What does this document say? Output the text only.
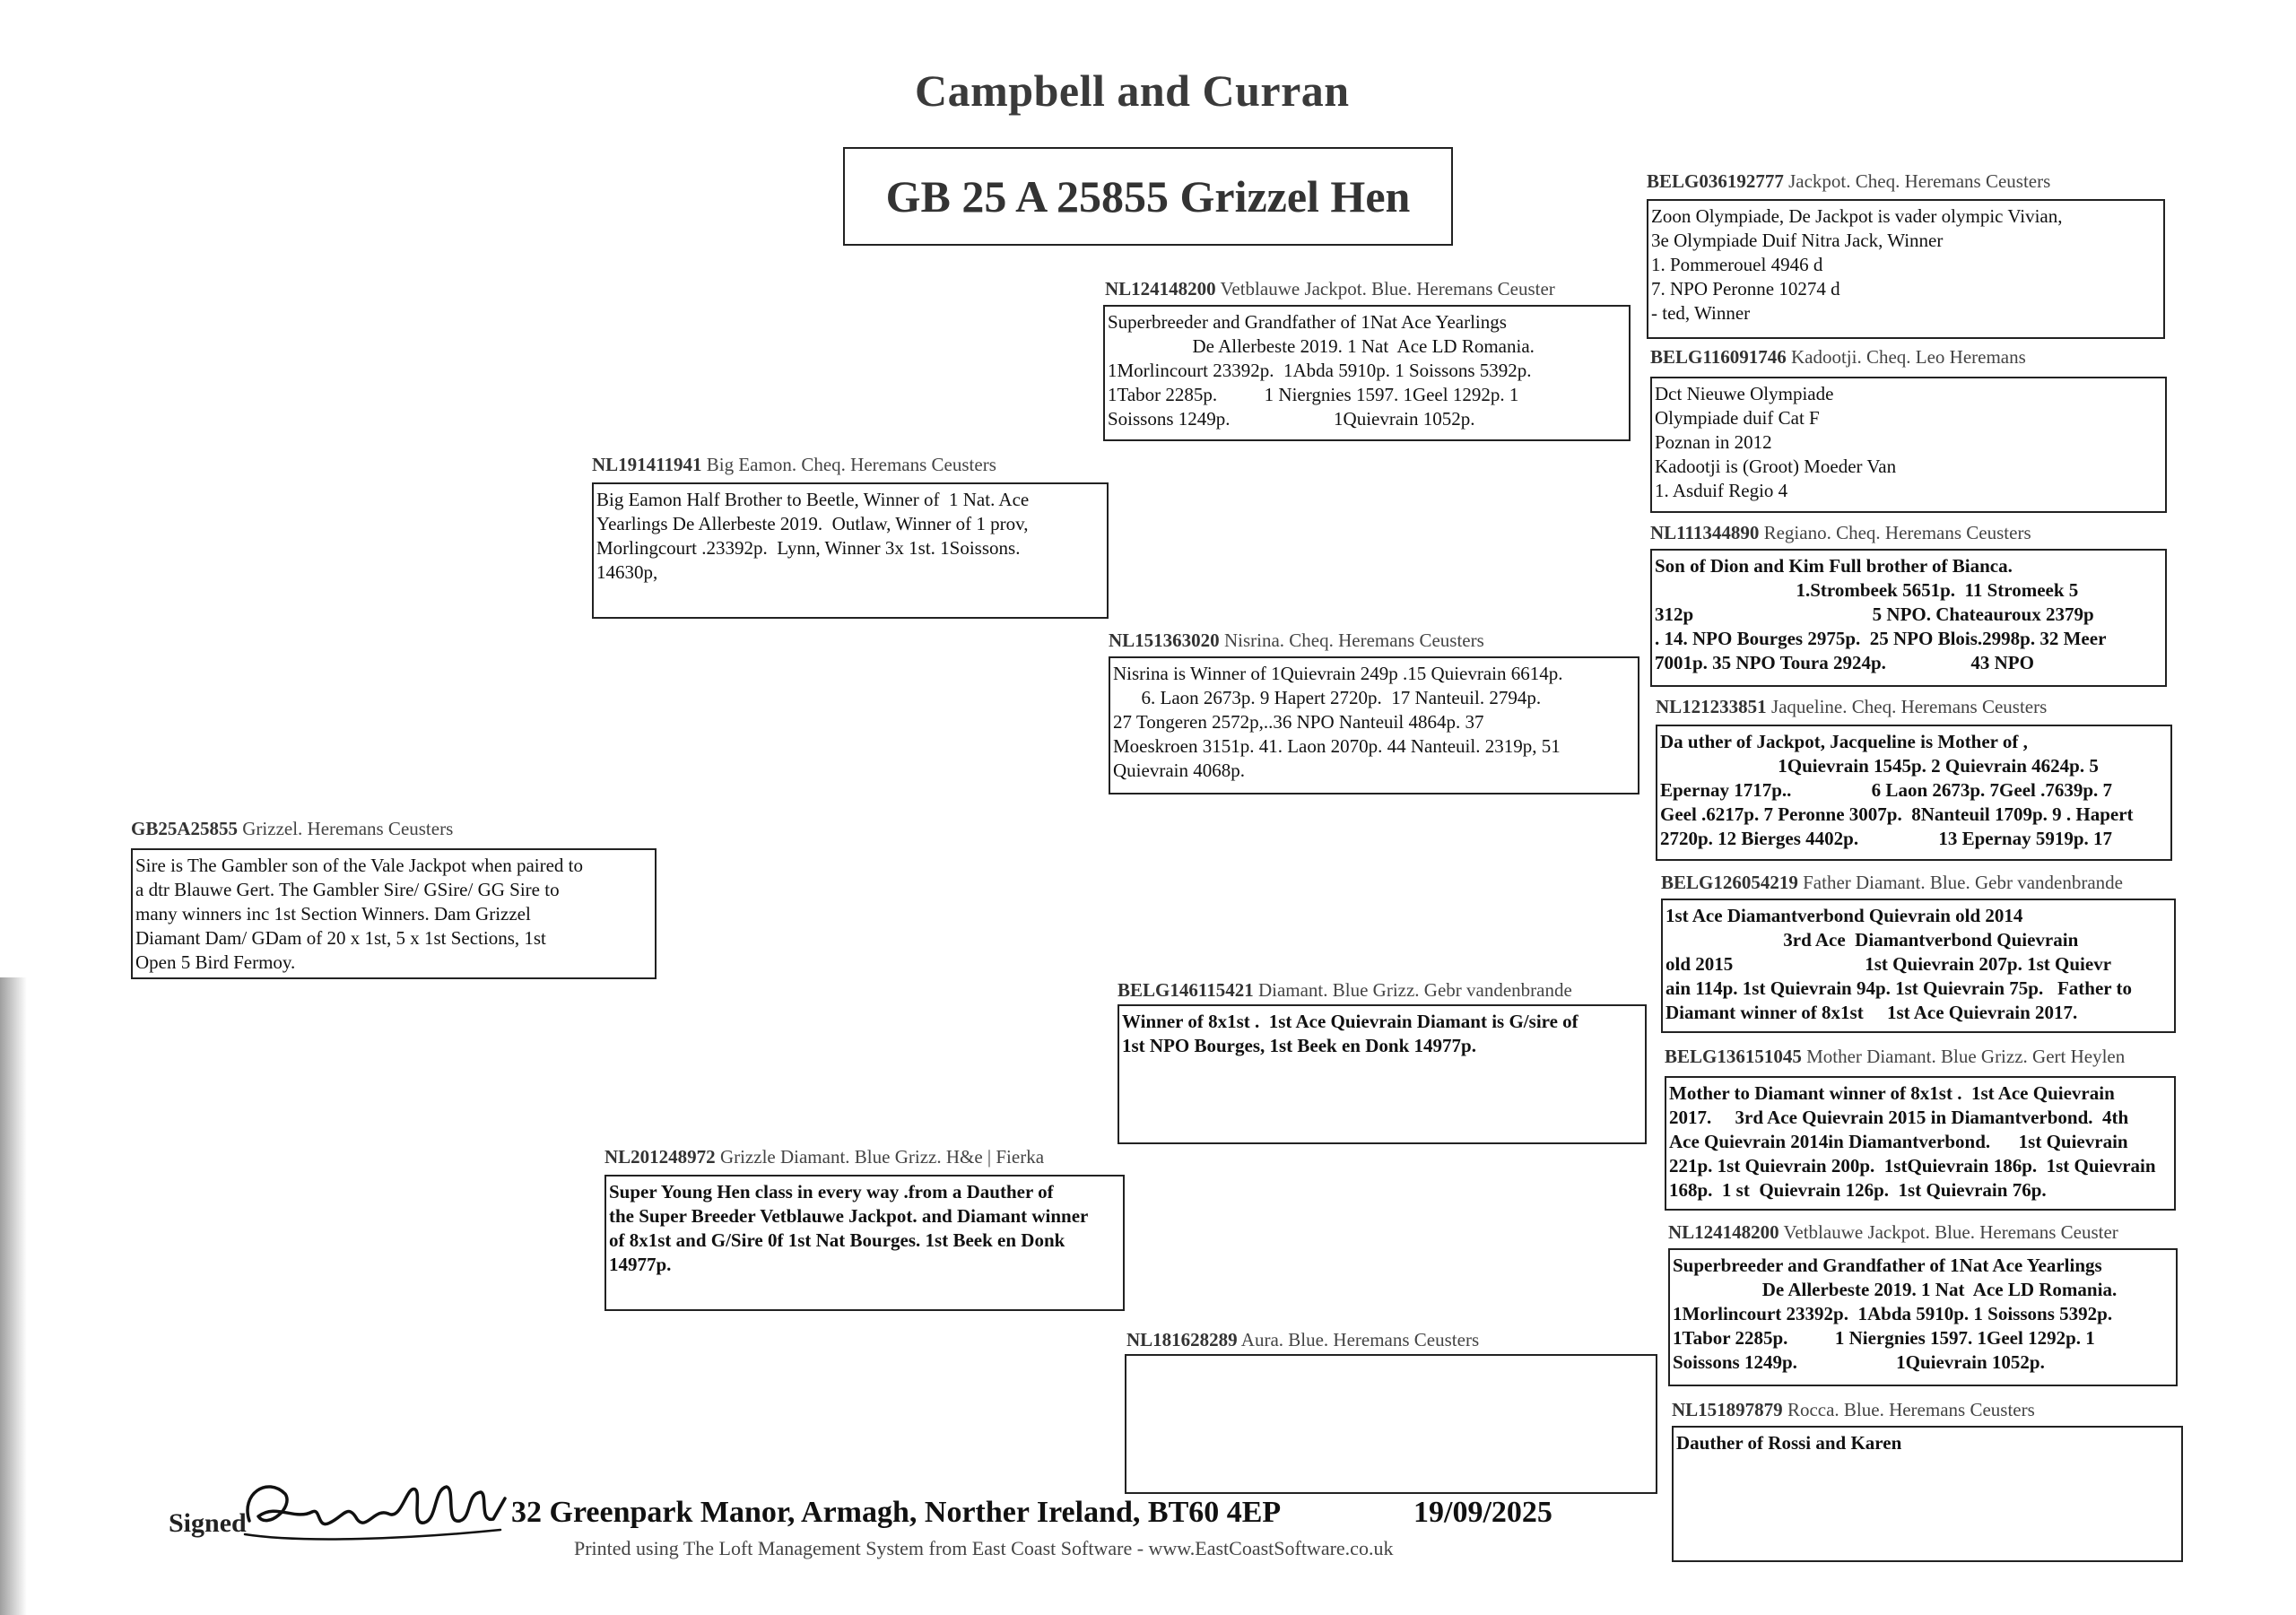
Campbell and Curran
GB 25 A 25855 Grizzel Hen
GB25A25855 Grizzel. Heremans Ceusters
Sire is The Gambler son of the Vale Jackpot when paired to
a dtr Blauwe Gert. The Gambler Sire/ GSire/ GG Sire to
many winners inc 1st Section Winners. Dam Grizzel
Diamant Dam/ GDam of 20 x 1st, 5 x 1st Sections, 1st
Open 5 Bird Fermoy.
NL191411941 Big Eamon. Cheq. Heremans Ceusters
Big Eamon Half Brother to Beetle, Winner of  1 Nat. Ace
Yearlings De Allerbeste 2019.  Outlaw, Winner of 1 prov,
Morlingcourt .23392p.  Lynn, Winner 3x 1st. 1Soissons.
14630p,
NL201248972 Grizzle Diamant. Blue Grizz. H&e | Fierka
Super Young Hen class in every way .from a Dauther of
the Super Breeder Vetblauwe Jackpot. and Diamant winner
of 8x1st and G/Sire 0f 1st Nat Bourges. 1st Beek en Donk
14977p.
NL124148200 Vetblauwe Jackpot. Blue. Heremans Ceuster
Superbreeder and Grandfather of 1Nat Ace Yearlings
De Allerbeste 2019. 1 Nat  Ace LD Romania.
1Morlincourt 23392p.  1Abda 5910p. 1 Soissons 5392p.
1Tabor 2285p.          1 Niergnies 1597. 1Geel 1292p. 1
Soissons 1249p.                      1Quievrain 1052p.
NL151363020 Nisrina. Cheq. Heremans Ceusters
Nisrina is Winner of 1Quievrain 249p .15 Quievrain 6614p.
6. Laon 2673p. 9 Hapert 2720p.  17 Nanteuil. 2794p.
27 Tongeren 2572p,..36 NPO Nanteuil 4864p. 37
Moeskroen 3151p. 41. Laon 2070p. 44 Nanteuil. 2319p, 51
Quievrain 4068p.
BELG146115421 Diamant. Blue Grizz. Gebr vandenbrande
Winner of 8x1st .  1st Ace Quievrain Diamant is G/sire of
1st NPO Bourges, 1st Beek en Donk 14977p.
NL181628289 Aura. Blue. Heremans Ceusters
BELG036192777 Jackpot. Cheq. Heremans Ceusters
Zoon Olympiade, De Jackpot is vader olympic Vivian,
3e Olympiade Duif Nitra Jack, Winner
1. Pommerouel 4946 d
7. NPO Peronne 10274 d
- ted, Winner
BELG116091746 Kadootji. Cheq. Leo Heremans
Dct Nieuwe Olympiade
Olympiade duif Cat F
Poznan in 2012
Kadootji is (Groot) Moeder Van
1. Asduif Regio 4
NL111344890 Regiano. Cheq. Heremans Ceusters
Son of Dion and Kim Full brother of Bianca.
1.Strombeek 5651p.  11 Stromeek 5
312p                                      5 NPO. Chateauroux 2379p
. 14. NPO Bourges 2975p.  25 NPO Blois.2998p. 32 Meer
7001p. 35 NPO Toura 2924p.                  43 NPO
NL121233851 Jaqueline. Cheq. Heremans Ceusters
Da uther of Jackpot, Jacqueline is Mother of ,
1Quievrain 1545p. 2 Quievrain 4624p. 5
Epernay 1717p..                 6 Laon 2673p. 7Geel .7639p. 7
Geel .6217p. 7 Peronne 3007p.  8Nanteuil 1709p. 9 . Hapert
2720p. 12 Bierges 4402p.                 13 Epernay 5919p. 17
BELG126054219 Father Diamant. Blue. Gebr vandenbrande
1st Ace Diamantverbond Quievrain old 2014
3rd Ace  Diamantverbond Quievrain
old 2015                            1st Quievrain 207p. 1st Quievr
ain 114p. 1st Quievrain 94p. 1st Quievrain 75p.   Father to
Diamant winner of 8x1st     1st Ace Quievrain 2017.
BELG136151045 Mother Diamant. Blue Grizz. Gert Heylen
Mother to Diamant winner of 8x1st .  1st Ace Quievrain
2017.     3rd Ace Quievrain 2015 in Diamantverbond.  4th
Ace Quievrain 2014in Diamantverbond.      1st Quievrain
221p. 1st Quievrain 200p.  1stQuievrain 186p.  1st Quievrain
168p.  1 st  Quievrain 126p.  1st Quievrain 76p.
NL124148200 Vetblauwe Jackpot. Blue. Heremans Ceuster
Superbreeder and Grandfather of 1Nat Ace Yearlings
De Allerbeste 2019. 1 Nat  Ace LD Romania.
1Morlincourt 23392p.  1Abda 5910p. 1 Soissons 5392p.
1Tabor 2285p.          1 Niergnies 1597. 1Geel 1292p. 1
Soissons 1249p.                     1Quievrain 1052p.
NL151897879 Rocca. Blue. Heremans Ceusters
Dauther of Rossi and Karen
Signed	32 Greenpark Manor, Armagh, Norther Ireland, BT60 4EP	19/09/2025
Printed using The Loft Management System from East Coast Software - www.EastCoastSoftware.co.uk
